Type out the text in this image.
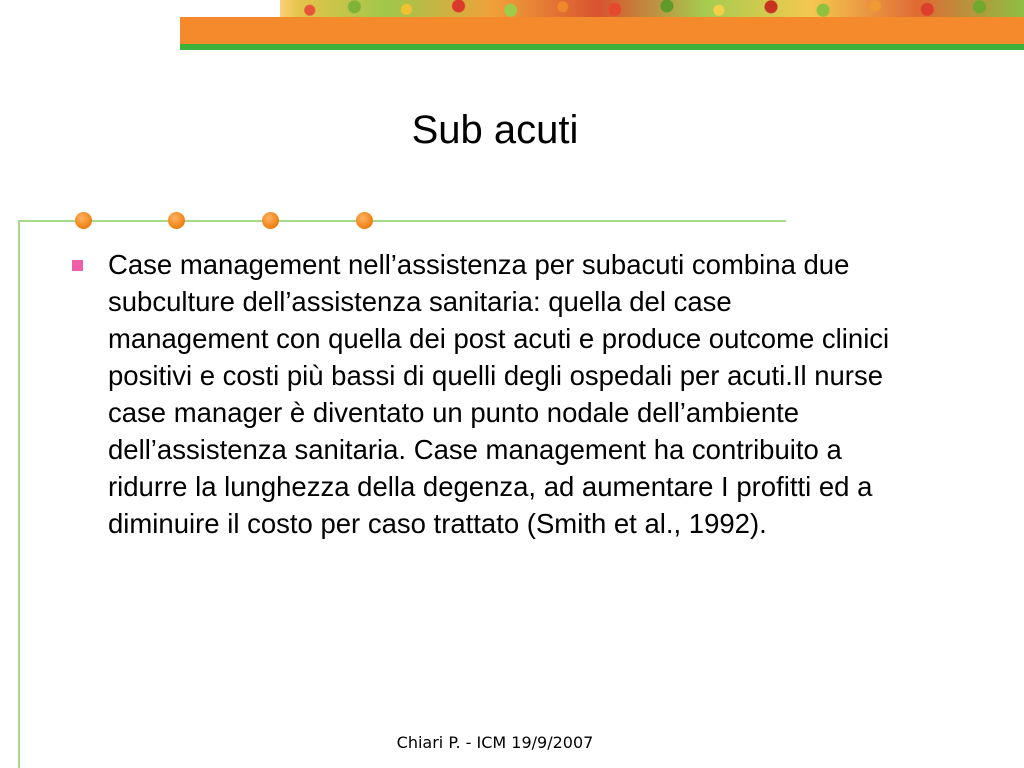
Sub acuti
Case management nell’assistenza per subacuti combina due subculture dell’assistenza sanitaria: quella del case management con quella dei post acuti e produce outcome clinici positivi e costi più bassi di quelli degli ospedali per acuti.Il nurse case manager è diventato un punto nodale dell’ambiente dell’assistenza sanitaria. Case management ha contribuito a ridurre la lunghezza della degenza, ad aumentare I profitti ed a diminuire il costo per caso trattato (Smith et al., 1992).
Chiari P. - ICM 19/9/2007
